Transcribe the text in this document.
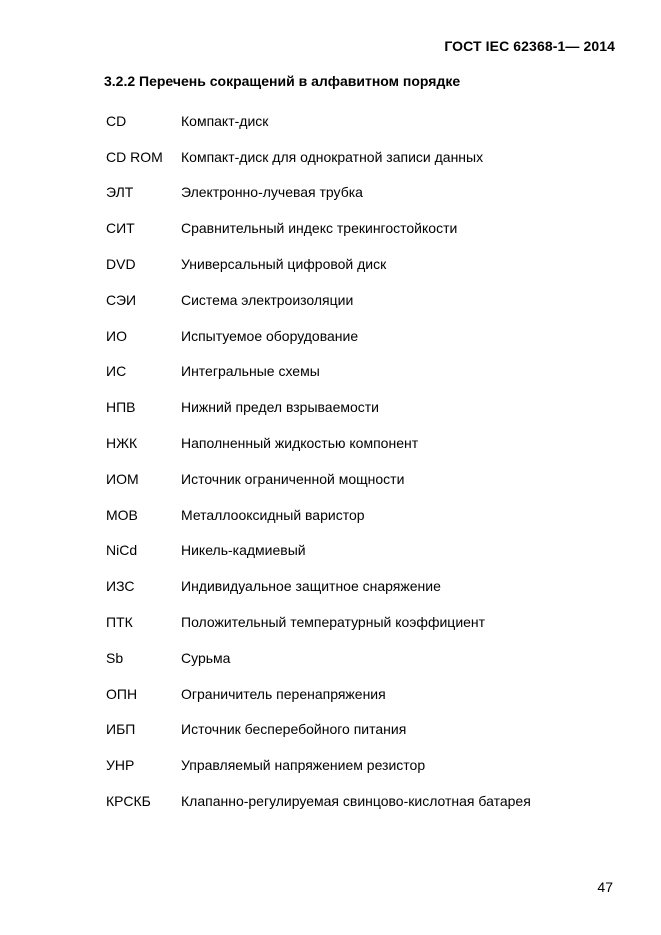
ГОСТ IEC 62368-1— 2014
3.2.2 Перечень сокращений в алфавитном порядке
CD	Компакт-диск
CD ROM	Компакт-диск для однократной записи данных
ЭЛТ	Электронно-лучевая трубка
СИТ	Сравнительный индекс трекингостойкости
DVD	Универсальный цифровой диск
СЭИ	Система электроизоляции
ИО	Испытуемое оборудование
ИС	Интегральные схемы
НПВ	Нижний предел взрываемости
НЖК	Наполненный жидкостью компонент
ИОМ	Источник ограниченной мощности
МОВ	Металлооксидный варистор
NiCd	Никель-кадмиевый
ИЗС	Индивидуальное защитное снаряжение
ПТК	Положительный температурный коэффициент
Sb	Сурьма
ОПН	Ограничитель перенапряжения
ИБП	Источник бесперебойного питания
УНР	Управляемый напряжением резистор
КРСКБ	Клапанно-регулируемая свинцово-кислотная батарея
47
